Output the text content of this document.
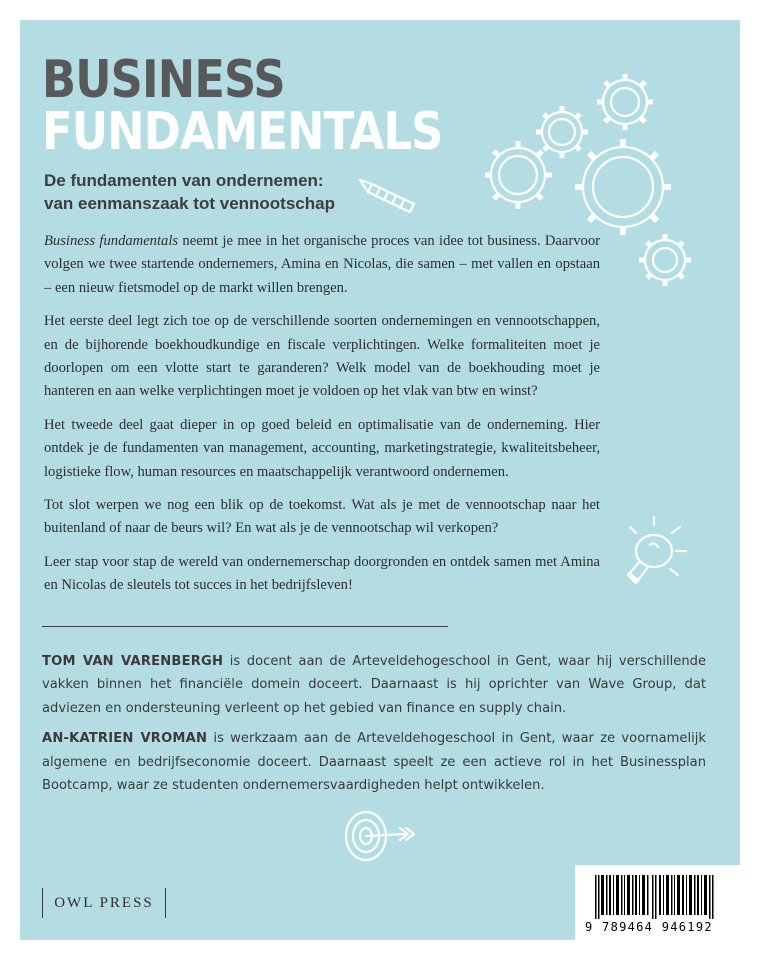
BUSINESS
FUNDAMENTALS
De fundamenten van ondernemen:
van eenmanszaak tot vennootschap

Business fundamentals neemt je mee in het organische proces van idee tot business. Daarvoor volgen we twee startende ondernemers, Amina en Nicolas, die samen – met vallen en opstaan – een nieuw fietsmodel op de markt willen brengen.

Het eerste deel legt zich toe op de verschillende soorten ondernemingen en vennootschappen, en de bijhorende boekhoudkundige en fiscale verplichtingen. Welke formaliteiten moet je doorlopen om een vlotte start te garanderen? Welk model van de boekhouding moet je hanteren en aan welke verplichtingen moet je voldoen op het vlak van btw en winst?

Het tweede deel gaat dieper in op goed beleid en optimalisatie van de onderneming. Hier ontdek je de fundamenten van management, accounting, marketingstrategie, kwaliteitsbeheer, logistieke flow, human resources en maatschappelijk verantwoord ondernemen.

Tot slot werpen we nog een blik op de toekomst. Wat als je met de vennootschap naar het buitenland of naar de beurs wil? En wat als je de vennootschap wil verkopen?

Leer stap voor stap de wereld van ondernemerschap doorgronden en ontdek samen met Amina en Nicolas de sleutels tot succes in het bedrijfsleven!

TOM VAN VARENBERGH is docent aan de Arteveldehogeschool in Gent, waar hij verschillende vakken binnen het financiële domein doceert. Daarnaast is hij oprichter van Wave Group, dat adviezen en ondersteuning verleent op het gebied van finance en supply chain.

AN-KATRIEN VROMAN is werkzaam aan de Arteveldehogeschool in Gent, waar ze voornamelijk algemene en bedrijfseconomie doceert. Daarnaast speelt ze een actieve rol in het Businessplan Bootcamp, waar ze studenten ondernemersvaardigheden helpt ontwikkelen.

OWL PRESS
9 789464 946192
